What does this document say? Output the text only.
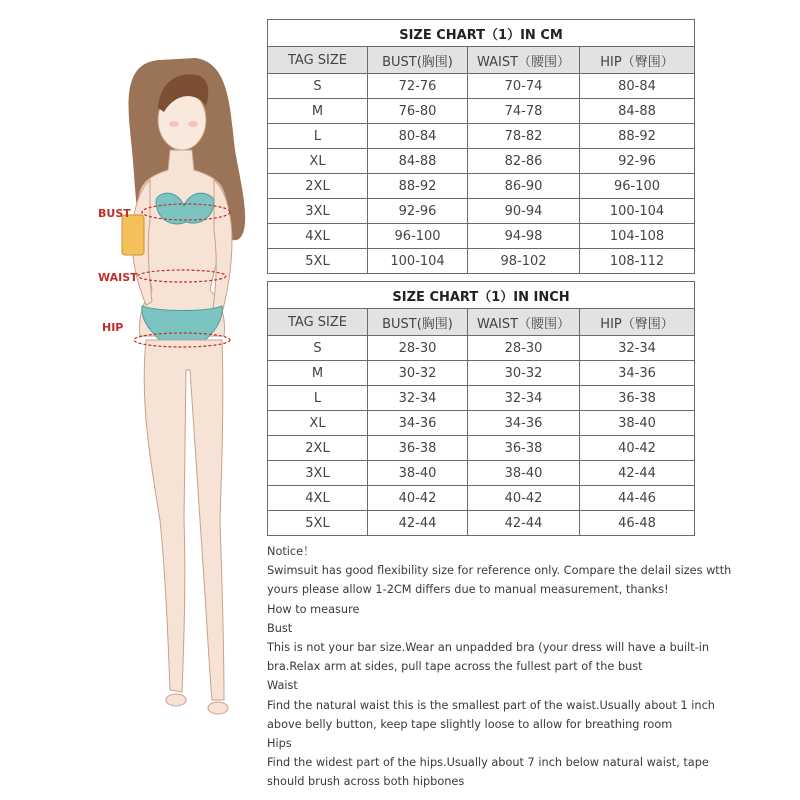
BUST
WAIST
HIP
SIZE CHART（1）IN CM			
TAG SIZE	BUST(胸围)	WAIST（腰围）	HIP（臀围）
S	72-76	70-74	80-84
M	76-80	74-78	84-88
L	80-84	78-82	88-92
XL	84-88	82-86	92-96
2XL	88-92	86-90	96-100
3XL	92-96	90-94	100-104
4XL	96-100	94-98	104-108
5XL	100-104	98-102	108-112
SIZE CHART（1）IN INCH			
TAG SIZE	BUST(胸围)	WAIST（腰围）	HIP（臀围）
S	28-30	28-30	32-34
M	30-32	30-32	34-36
L	32-34	32-34	36-38
XL	34-36	34-36	38-40
2XL	36-38	36-38	40-42
3XL	38-40	38-40	42-44
4XL	40-42	40-42	44-46
5XL	42-44	42-44	46-48

Notice！

Swimsuit has good flexibility size for reference only. Compare the delail sizes wtth

yours please allow 1-2CM differs due to manual measurement, thanks!

How to measure

Bust

This is not your bar size.Wear an unpadded bra (your dress will have a built-in

bra.Relax arm at sides, pull tape across the fullest part of the bust

Waist

Find the natural waist this is the smallest part of the waist.Usually about 1 inch

above belly button, keep tape slightly loose to allow for breathing room

Hips

Find the widest part of the hips.Usually about 7 inch below natural waist, tape

should brush across both hipbones
